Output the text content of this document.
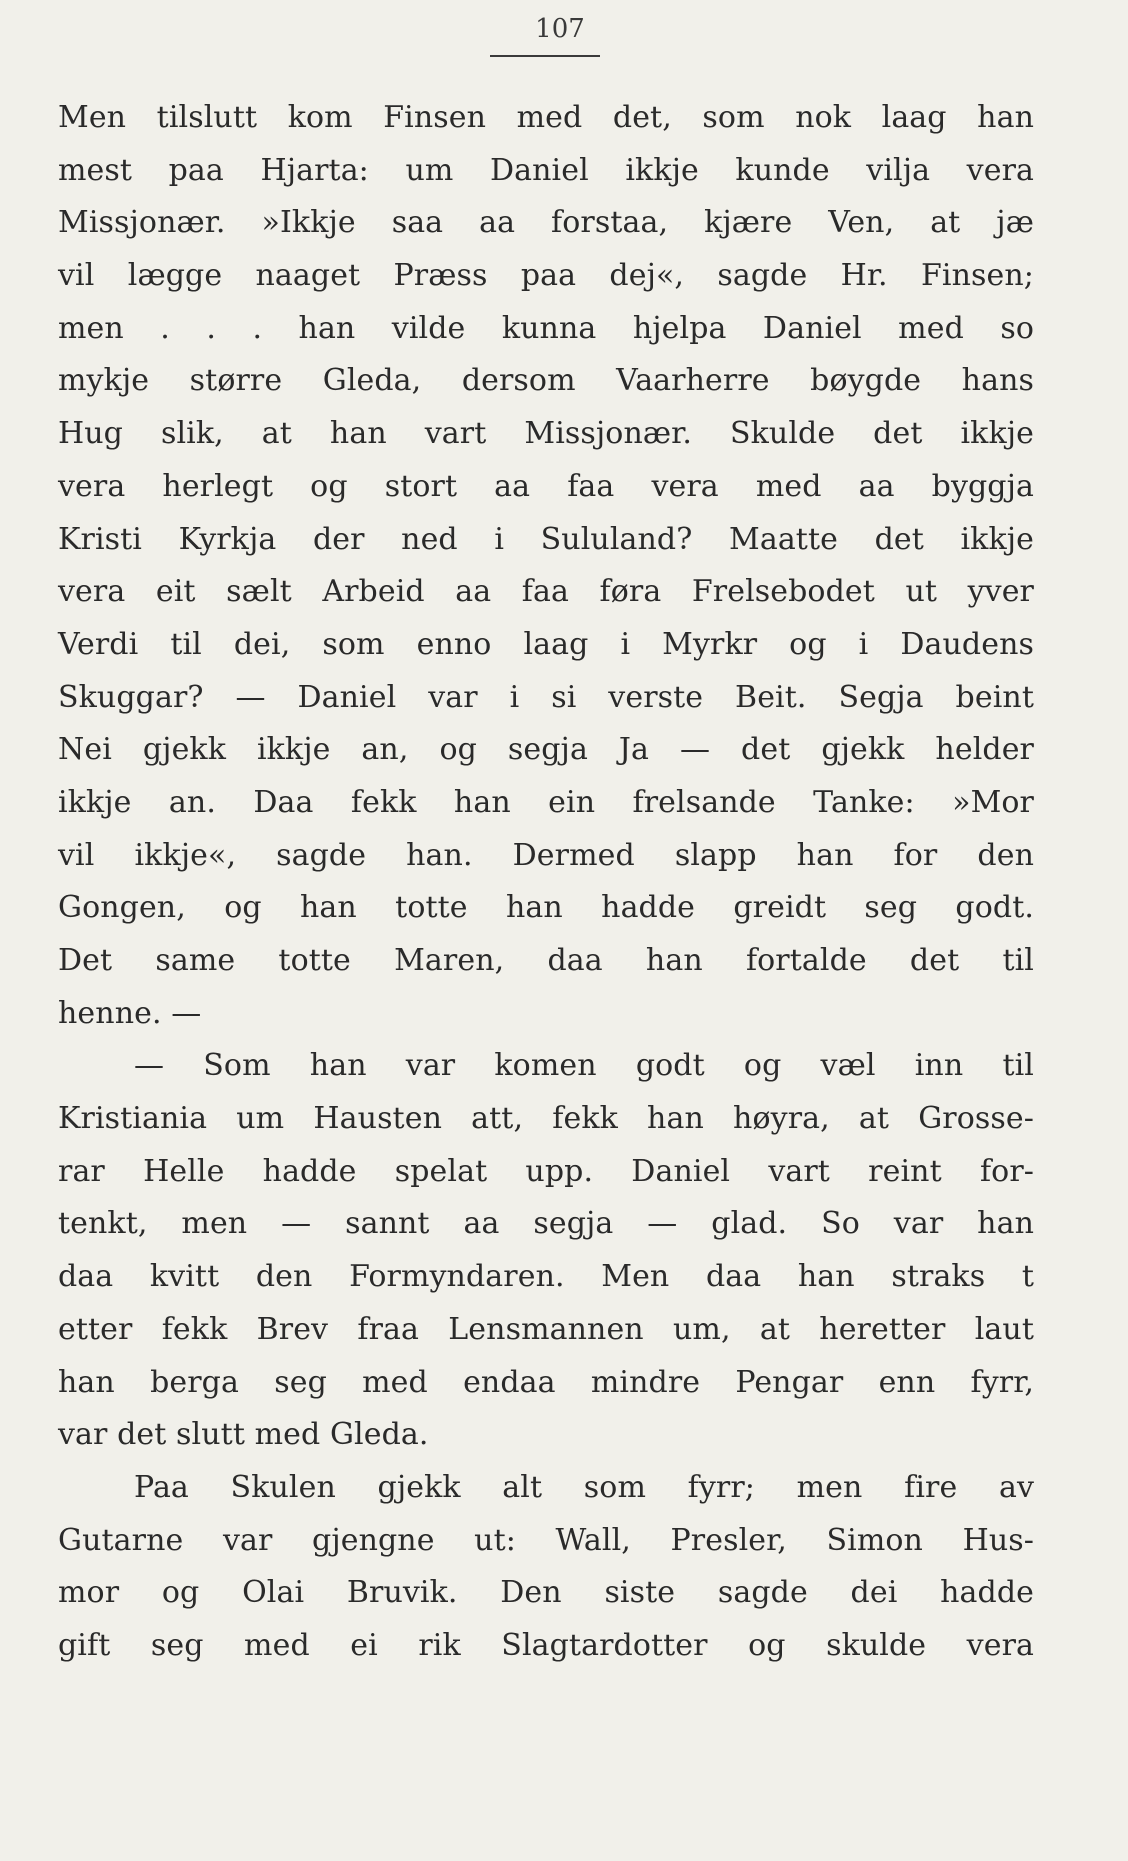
107
Men tilslutt kom Finsen med det, som nok laag han
mest paa Hjarta: um Daniel ikkje kunde vilja vera
Missjonær. »Ikkje saa aa forstaa, kjære Ven, at jæ
vil lægge naaget Præss paa dej«, sagde Hr. Finsen;
men . . . han vilde kunna hjelpa Daniel med so
mykje større Gleda, dersom Vaarherre bøygde hans
Hug slik, at han vart Missjonær. Skulde det ikkje
vera herlegt og stort aa faa vera med aa byggja
Kristi Kyrkja der ned i Sululand? Maatte det ikkje
vera eit sælt Arbeid aa faa føra Frelsebodet ut yver
Verdi til dei, som enno laag i Myrkr og i Daudens
Skuggar? — Daniel var i si verste Beit. Segja beint
Nei gjekk ikkje an, og segja Ja — det gjekk helder
ikkje an. Daa fekk han ein frelsande Tanke: »Mor
vil ikkje«, sagde han. Dermed slapp han for den
Gongen, og han totte han hadde greidt seg godt.
Det same totte Maren, daa han fortalde det til
henne. —
— Som han var komen godt og væl inn til
Kristiania um Hausten att, fekk han høyra, at Grosse-
rar Helle hadde spelat upp. Daniel vart reint for-
tenkt, men — sannt aa segja — glad. So var han
daa kvitt den Formyndaren. Men daa han straks t
etter fekk Brev fraa Lensmannen um, at heretter laut
han berga seg med endaa mindre Pengar enn fyrr,
var det slutt med Gleda.
Paa Skulen gjekk alt som fyrr; men fire av
Gutarne var gjengne ut: Wall, Presler, Simon Hus-
mor og Olai Bruvik. Den siste sagde dei hadde
gift seg med ei rik Slagtardotter og skulde vera
